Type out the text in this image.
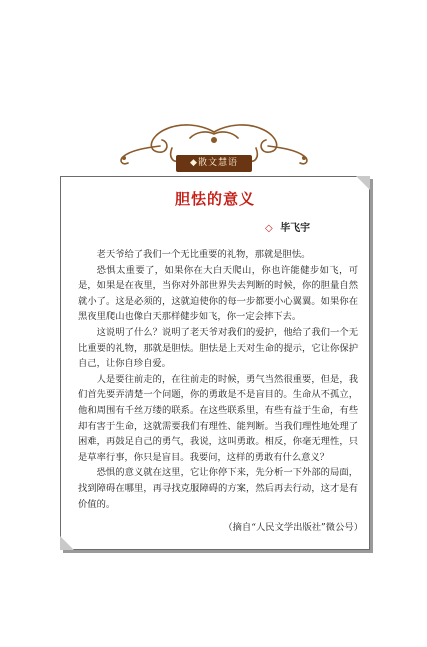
◆散文慧语
胆怯的意义
◇ 毕飞宇

老天爷给了我们一个无比重要的礼物，那就是胆怯。

恐惧太重要了，如果你在大白天爬山，你也许能健步如飞，可是，如果是在夜里，当你对外部世界失去判断的时候，你的胆量自然就小了。这是必须的，这就迫使你的每一步都要小心翼翼。如果你在黑夜里爬山也像白天那样健步如飞，你一定会摔下去。

这说明了什么？说明了老天爷对我们的爱护，他给了我们一个无比重要的礼物，那就是胆怯。胆怯是上天对生命的提示，它让你保护自己，让你自珍自爱。

人是要往前走的，在往前走的时候，勇气当然很重要，但是，我们首先要弄清楚一个问题，你的勇敢是不是盲目的。生命从不孤立，他和周围有千丝万缕的联系。在这些联系里，有些有益于生命，有些却有害于生命，这就需要我们有理性、能判断。当我们理性地处理了困难，再鼓足自己的勇气，我说，这叫勇敢。相反，你毫无理性，只是草率行事，你只是盲目。我要问，这样的勇敢有什么意义？

恐惧的意义就在这里，它让你停下来，先分析一下外部的局面，找到障碍在哪里，再寻找克服障碍的方案，然后再去行动，这才是有价值的。

（摘自“人民文学出版社”微公号）
